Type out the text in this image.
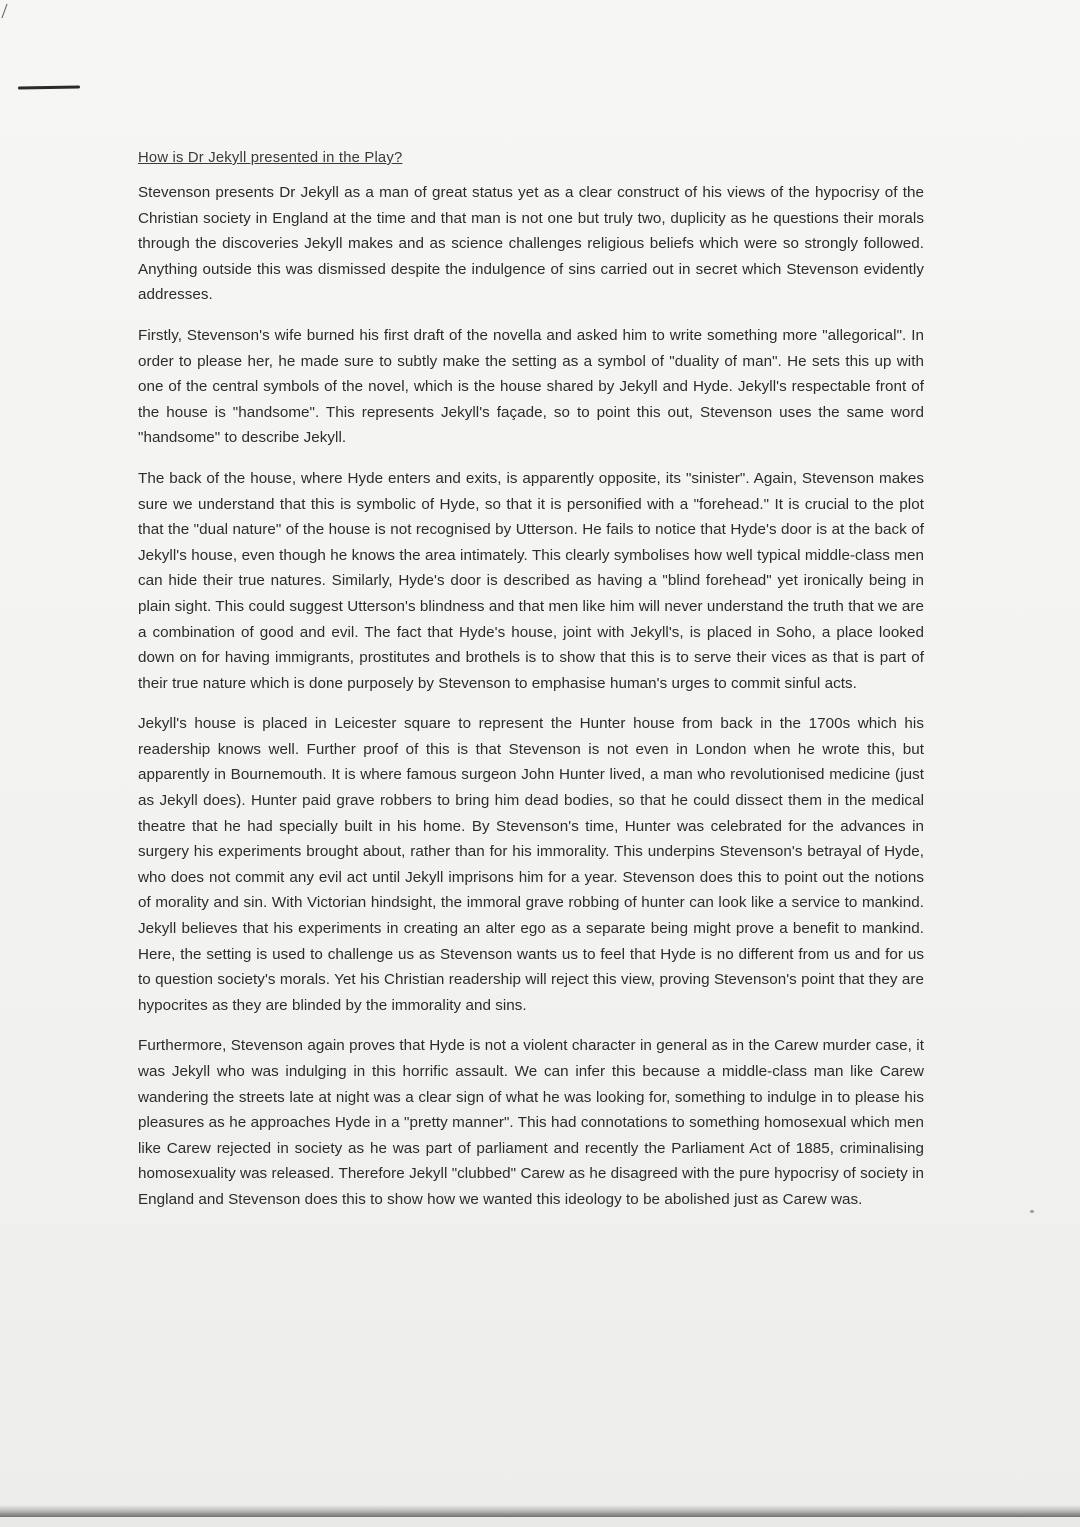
How is Dr Jekyll presented in the Play?

Stevenson presents Dr Jekyll as a man of great status yet as a clear construct of his views of the hypocrisy of the Christian society in England at the time and that man is not one but truly two, duplicity as he questions their morals through the discoveries Jekyll makes and as science challenges religious beliefs which were so strongly followed. Anything outside this was dismissed despite the indulgence of sins carried out in secret which Stevenson evidently addresses.

Firstly, Stevenson's wife burned his first draft of the novella and asked him to write something more "allegorical". In order to please her, he made sure to subtly make the setting as a symbol of "duality of man". He sets this up with one of the central symbols of the novel, which is the house shared by Jekyll and Hyde. Jekyll's respectable front of the house is "handsome". This represents Jekyll's façade, so to point this out, Stevenson uses the same word "handsome" to describe Jekyll.

The back of the house, where Hyde enters and exits, is apparently opposite, its "sinister". Again, Stevenson makes sure we understand that this is symbolic of Hyde, so that it is personified with a "forehead." It is crucial to the plot that the "dual nature" of the house is not recognised by Utterson. He fails to notice that Hyde's door is at the back of Jekyll's house, even though he knows the area intimately. This clearly symbolises how well typical middle-class men can hide their true natures. Similarly, Hyde's door is described as having a "blind forehead" yet ironically being in plain sight. This could suggest Utterson's blindness and that men like him will never understand the truth that we are a combination of good and evil. The fact that Hyde's house, joint with Jekyll's, is placed in Soho, a place looked down on for having immigrants, prostitutes and brothels is to show that this is to serve their vices as that is part of their true nature which is done purposely by Stevenson to emphasise human's urges to commit sinful acts.

Jekyll's house is placed in Leicester square to represent the Hunter house from back in the 1700s which his readership knows well. Further proof of this is that Stevenson is not even in London when he wrote this, but apparently in Bournemouth. It is where famous surgeon John Hunter lived, a man who revolutionised medicine (just as Jekyll does). Hunter paid grave robbers to bring him dead bodies, so that he could dissect them in the medical theatre that he had specially built in his home. By Stevenson's time, Hunter was celebrated for the advances in surgery his experiments brought about, rather than for his immorality. This underpins Stevenson's betrayal of Hyde, who does not commit any evil act until Jekyll imprisons him for a year. Stevenson does this to point out the notions of morality and sin. With Victorian hindsight, the immoral grave robbing of hunter can look like a service to mankind. Jekyll believes that his experiments in creating an alter ego as a separate being might prove a benefit to mankind. Here, the setting is used to challenge us as Stevenson wants us to feel that Hyde is no different from us and for us to question society's morals. Yet his Christian readership will reject this view, proving Stevenson's point that they are hypocrites as they are blinded by the immorality and sins.

Furthermore, Stevenson again proves that Hyde is not a violent character in general as in the Carew murder case, it was Jekyll who was indulging in this horrific assault. We can infer this because a middle-class man like Carew wandering the streets late at night was a clear sign of what he was looking for, something to indulge in to please his pleasures as he approaches Hyde in a "pretty manner". This had connotations to something homosexual which men like Carew rejected in society as he was part of parliament and recently the Parliament Act of 1885, criminalising homosexuality was released. Therefore Jekyll "clubbed" Carew as he disagreed with the pure hypocrisy of society in England and Stevenson does this to show how we wanted this ideology to be abolished just as Carew was.
